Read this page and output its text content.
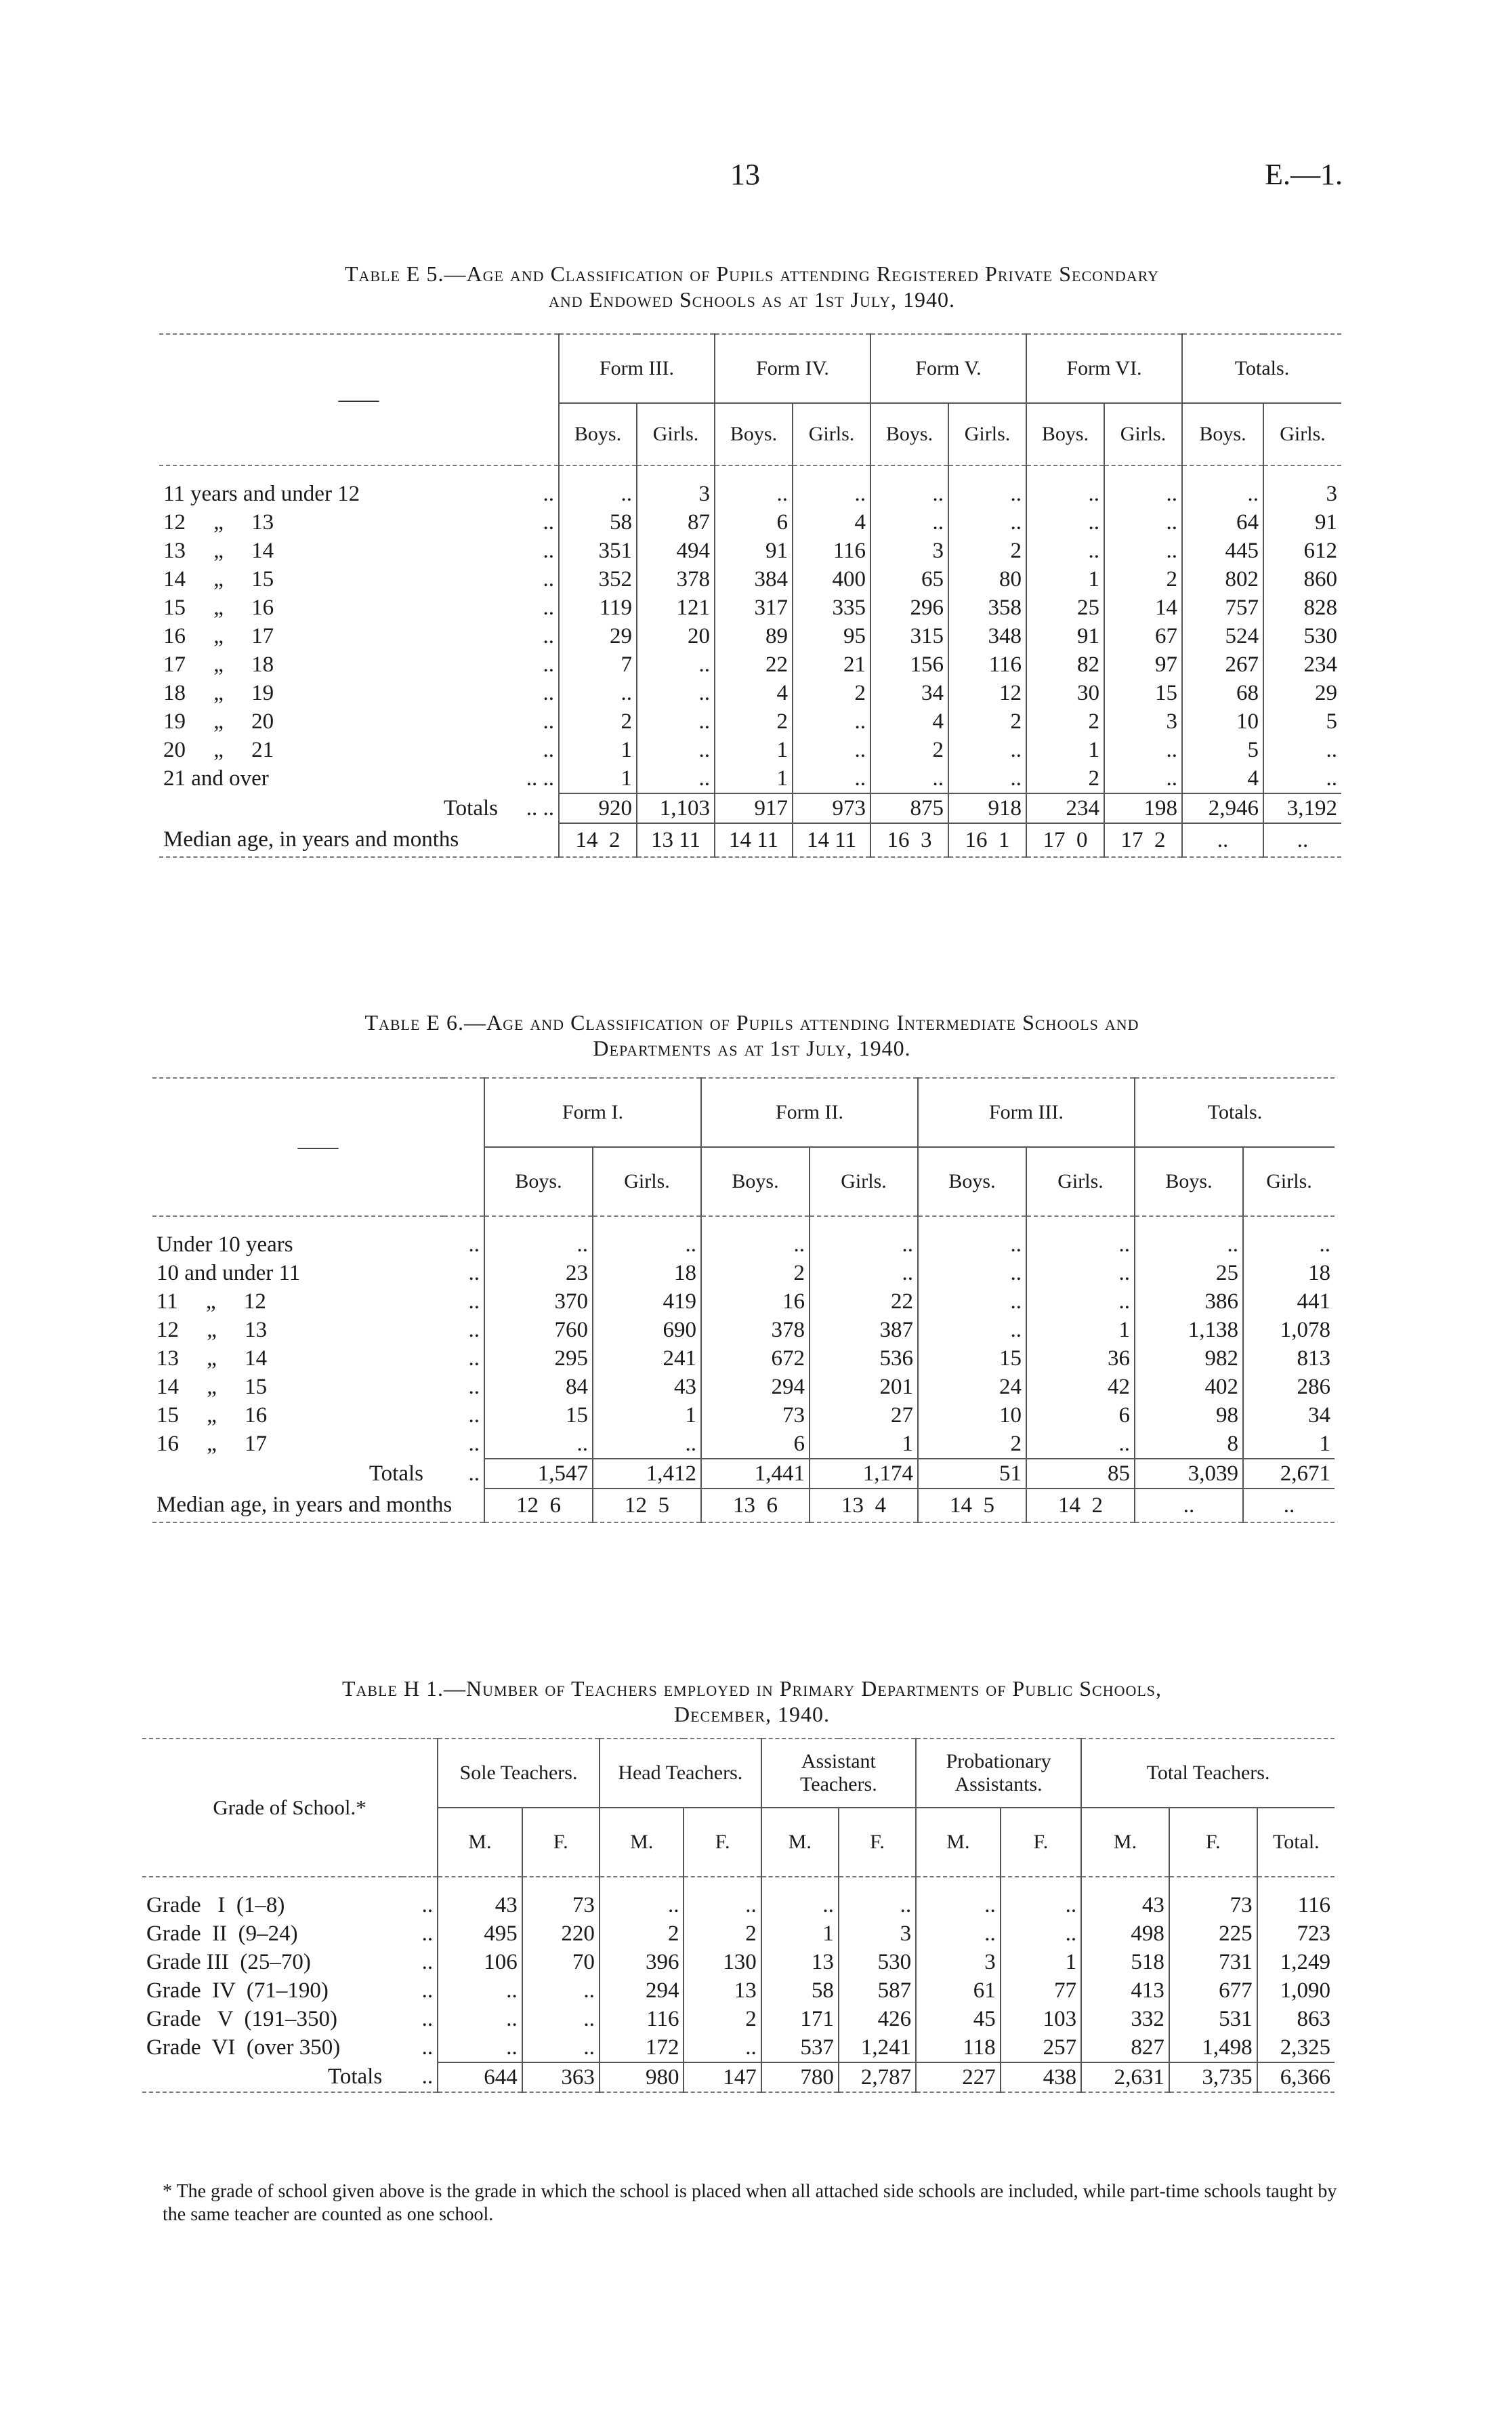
13	E.—1.
Table E 5.—Age and Classification of Pupils attending Registered Private Secondary
and Endowed Schools as at 1st July, 1940.
——		Form III.		Form IV.		Form V.		Form VI.		Totals.	
		Boys.	Girls.	Boys.	Girls.	Boys.	Girls.	Boys.	Girls.	Boys.	Girls.

11 years and under 12	..	..	3	..	..	..	..	..	..	..	3
12     „     13	..	58	87	6	4	..	..	..	..	64	91
13     „     14	..	351	494	91	116	3	2	..	..	445	612
14     „     15	..	352	378	384	400	65	80	1	2	802	860
15     „     16	..	119	121	317	335	296	358	25	14	757	828
16     „     17	..	29	20	89	95	315	348	91	67	524	530
17     „     18	..	7	..	22	21	156	116	82	97	267	234
18     „     19	..	..	..	4	2	34	12	30	15	68	29
19     „     20	..	2	..	2	..	4	2	2	3	10	5
20     „     21	..	1	..	1	..	2	..	1	..	5	..
21 and over	.. ..	1	..	1	..	..	..	2	..	4	..
Totals	.. ..	920	1,103	917	973	875	918	234	198	2,946	3,192
Median age, in years and months		14  2	13 11	14 11	14 11	16  3	16  1	17  0	17  2	..	..
Table E 6.—Age and Classification of Pupils attending Intermediate Schools and
Departments as at 1st July, 1940.
——		Form I.		Form II.		Form III.		Totals.	
		Boys.	Girls.	Boys.	Girls.	Boys.	Girls.	Boys.	Girls.

Under 10 years	..	..	..	..	..	..	..	..	..
10 and under 11	..	23	18	2	..	..	..	25	18
11     „     12	..	370	419	16	22	..	..	386	441
12     „     13	..	760	690	378	387	..	1	1,138	1,078
13     „     14	..	295	241	672	536	15	36	982	813
14     „     15	..	84	43	294	201	24	42	402	286
15     „     16	..	15	1	73	27	10	6	98	34
16     „     17	..	..	..	6	1	2	..	8	1
Totals	..	1,547	1,412	1,441	1,174	51	85	3,039	2,671
Median age, in years and months		12  6	12  5	13  6	13  4	14  5	14  2	..	..
Table H 1.—Number of Teachers employed in Primary Departments of Public Schools,
December, 1940.
Grade of School.*		Sole Teachers.		Head Teachers.		Assistant Teachers.		Probationary Assistants.		Total Teachers.		
		M.	F.	M.	F.	M.	F.	M.	F.	M.	F.	Total.

Grade   I  (1–8)	..	43	73	..	..	..	..	..	..	43	73	116
Grade  II  (9–24)	..	495	220	2	2	1	3	..	..	498	225	723
Grade III  (25–70)	..	106	70	396	130	13	530	3	1	518	731	1,249
Grade  IV  (71–190)	..	..	..	294	13	58	587	61	77	413	677	1,090
Grade   V  (191–350)	..	..	..	116	2	171	426	45	103	332	531	863
Grade  VI  (over 350)	..	..	..	172	..	537	1,241	118	257	827	1,498	2,325
Totals	..	644	363	980	147	780	2,787	227	438	2,631	3,735	6,366
* The grade of school given above is the grade in which the school is placed when all attached side schools are included, while part-time schools taught by the same teacher are counted as one school.
